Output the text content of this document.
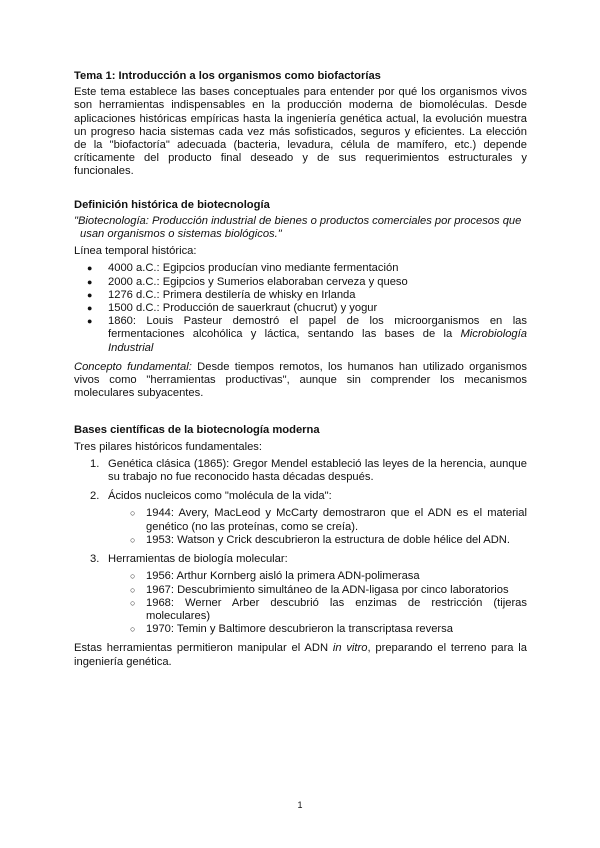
Tema 1: Introducción a los organismos como biofactorías

Este tema establece las bases conceptuales para entender por qué los organismos vivos son herramientas indispensables en la producción moderna de biomoléculas. Desde aplicaciones históricas empíricas hasta la ingeniería genética actual, la evolución muestra un progreso hacia sistemas cada vez más sofisticados, seguros y eficientes. La elección de la "biofactoría" adecuada (bacteria, levadura, célula de mamífero, etc.) depende críticamente del producto final deseado y de sus requerimientos estructurales y funcionales.

Definición histórica de biotecnología
"Biotecnología: Producción industrial de bienes o productos comerciales por procesos que
usan organismos o sistemas biológicos."
Línea temporal histórica:
● 4000 a.C.: Egipcios producían vino mediante fermentación
● 2000 a.C.: Egipcios y Sumerios elaboraban cerveza y queso
● 1276 d.C.: Primera destilería de whisky en Irlanda
● 1500 d.C.: Producción de sauerkraut (chucrut) y yogur
● 1860: Louis Pasteur demostró el papel de los microorganismos en las fermentaciones alcohólica y láctica, sentando las bases de la Microbiología Industrial

Concepto fundamental: Desde tiempos remotos, los humanos han utilizado organismos vivos como "herramientas productivas", aunque sin comprender los mecanismos moleculares subyacentes.

Bases científicas de la biotecnología moderna
Tres pilares históricos fundamentales:
1. Genética clásica (1865): Gregor Mendel estableció las leyes de la herencia, aunque su trabajo no fue reconocido hasta décadas después.
2. Ácidos nucleicos como "molécula de la vida":
○ 1944: Avery, MacLeod y McCarty demostraron que el ADN es el material genético (no las proteínas, como se creía).
○ 1953: Watson y Crick descubrieron la estructura de doble hélice del ADN.
3. Herramientas de biología molecular:
○ 1956: Arthur Kornberg aisló la primera ADN-polimerasa
○ 1967: Descubrimiento simultáneo de la ADN-ligasa por cinco laboratorios
○ 1968: Werner Arber descubrió las enzimas de restricción (tijeras moleculares)
○ 1970: Temin y Baltimore descubrieron la transcriptasa reversa

Estas herramientas permitieron manipular el ADN in vitro, preparando el terreno para la ingeniería genética.

1
